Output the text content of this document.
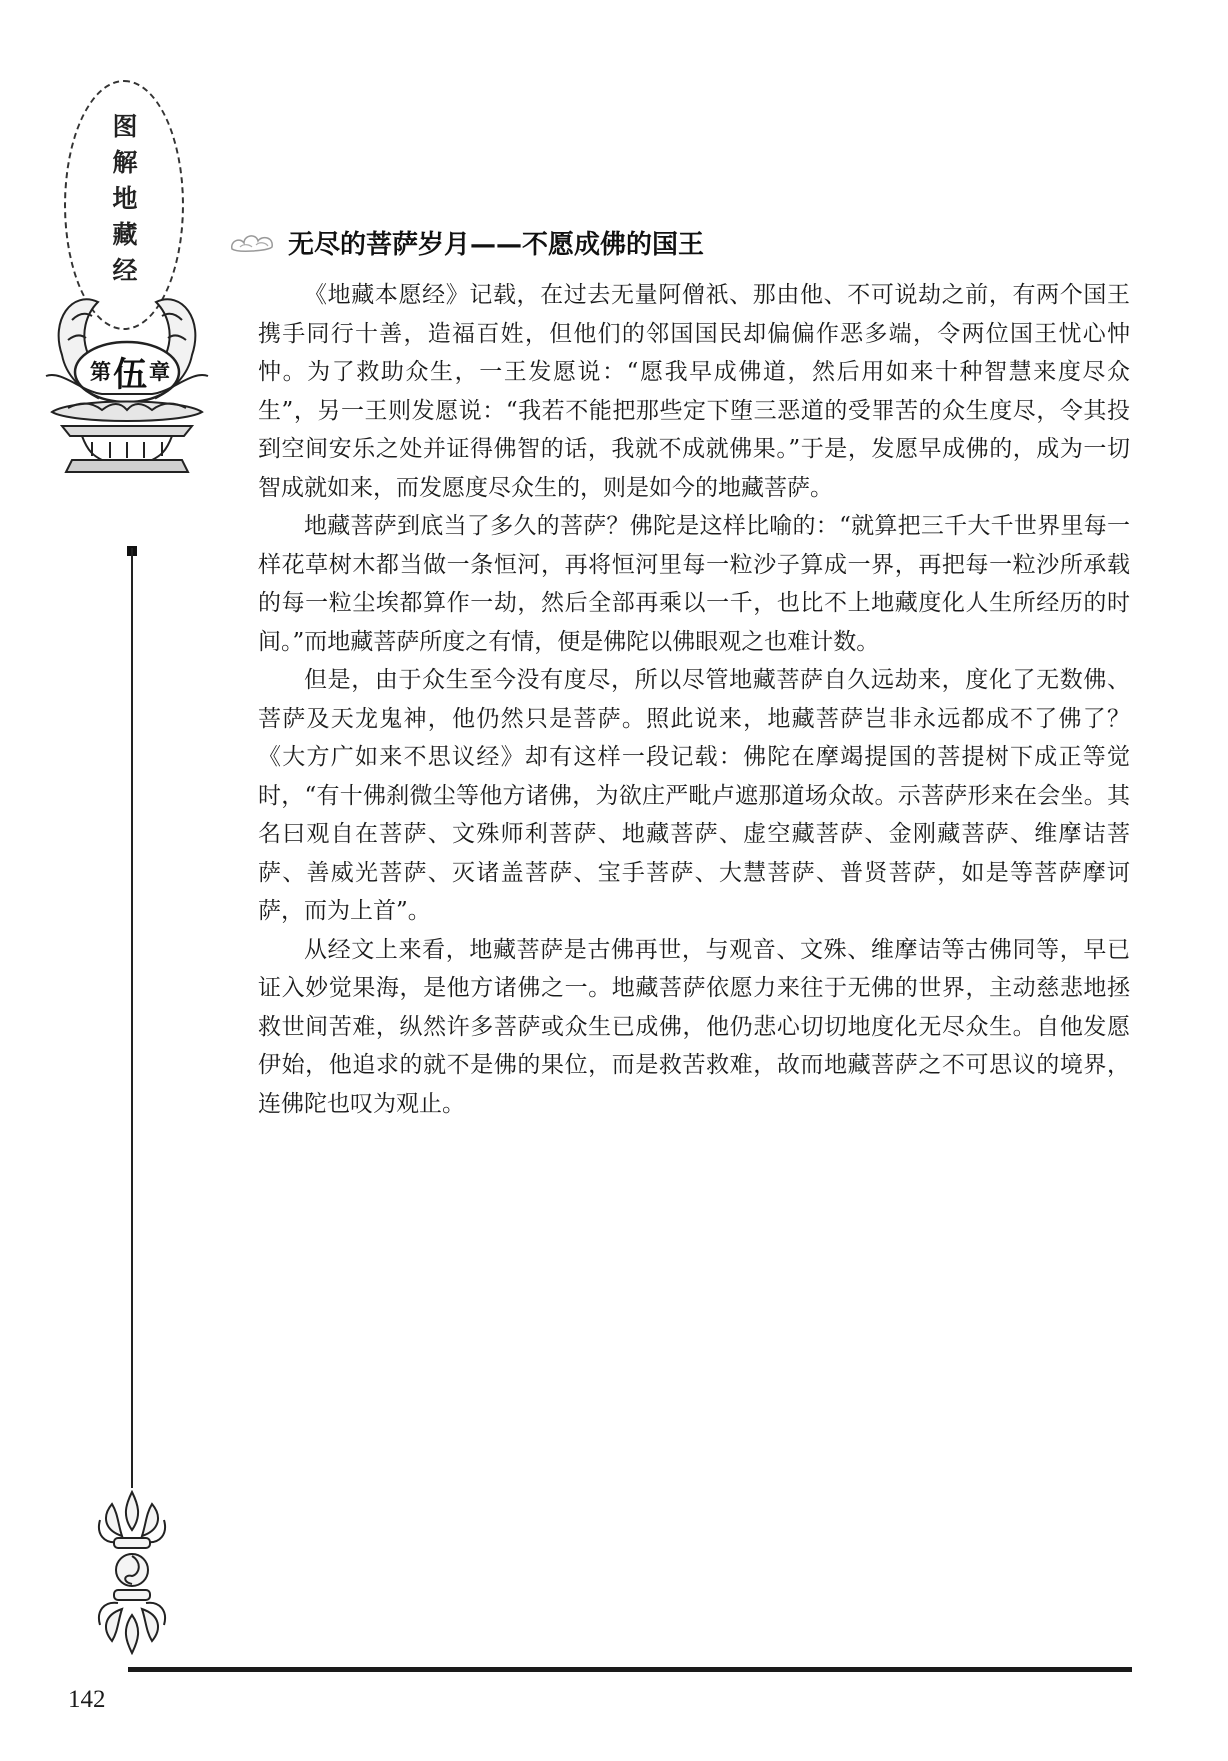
图
解
地
藏
经
第 伍 章
无尽的菩萨岁月——不愿成佛的国王

《地藏本愿经》记载，在过去无量阿僧祇、那由他、不可说劫之前，有两个国王携手同行十善，造福百姓，但他们的邻国国民却偏偏作恶多端，令两位国王忧心忡忡。为了救助众生，一王发愿说：“愿我早成佛道，然后用如来十种智慧来度尽众生”，另一王则发愿说：“我若不能把那些定下堕三恶道的受罪苦的众生度尽，令其投到空间安乐之处并证得佛智的话，我就不成就佛果。”于是，发愿早成佛的，成为一切智成就如来，而发愿度尽众生的，则是如今的地藏菩萨。

地藏菩萨到底当了多久的菩萨？佛陀是这样比喻的：“就算把三千大千世界里每一样花草树木都当做一条恒河，再将恒河里每一粒沙子算成一界，再把每一粒沙所承载的每一粒尘埃都算作一劫，然后全部再乘以一千，也比不上地藏度化人生所经历的时间。”而地藏菩萨所度之有情，便是佛陀以佛眼观之也难计数。

但是，由于众生至今没有度尽，所以尽管地藏菩萨自久远劫来，度化了无数佛、菩萨及天龙鬼神，他仍然只是菩萨。照此说来，地藏菩萨岂非永远都成不了佛了？《大方广如来不思议经》却有这样一段记载：佛陀在摩竭提国的菩提树下成正等觉时，“有十佛刹微尘等他方诸佛，为欲庄严毗卢遮那道场众故。示菩萨形来在会坐。其名曰观自在菩萨、文殊师利菩萨、地藏菩萨、虚空藏菩萨、金刚藏菩萨、维摩诘菩萨、善威光菩萨、灭诸盖菩萨、宝手菩萨、大慧菩萨、普贤菩萨，如是等菩萨摩诃萨，而为上首”。

从经文上来看，地藏菩萨是古佛再世，与观音、文殊、维摩诘等古佛同等，早已证入妙觉果海，是他方诸佛之一。地藏菩萨依愿力来往于无佛的世界，主动慈悲地拯救世间苦难，纵然许多菩萨或众生已成佛，他仍悲心切切地度化无尽众生。自他发愿伊始，他追求的就不是佛的果位，而是救苦救难，故而地藏菩萨之不可思议的境界，连佛陀也叹为观止。

142
